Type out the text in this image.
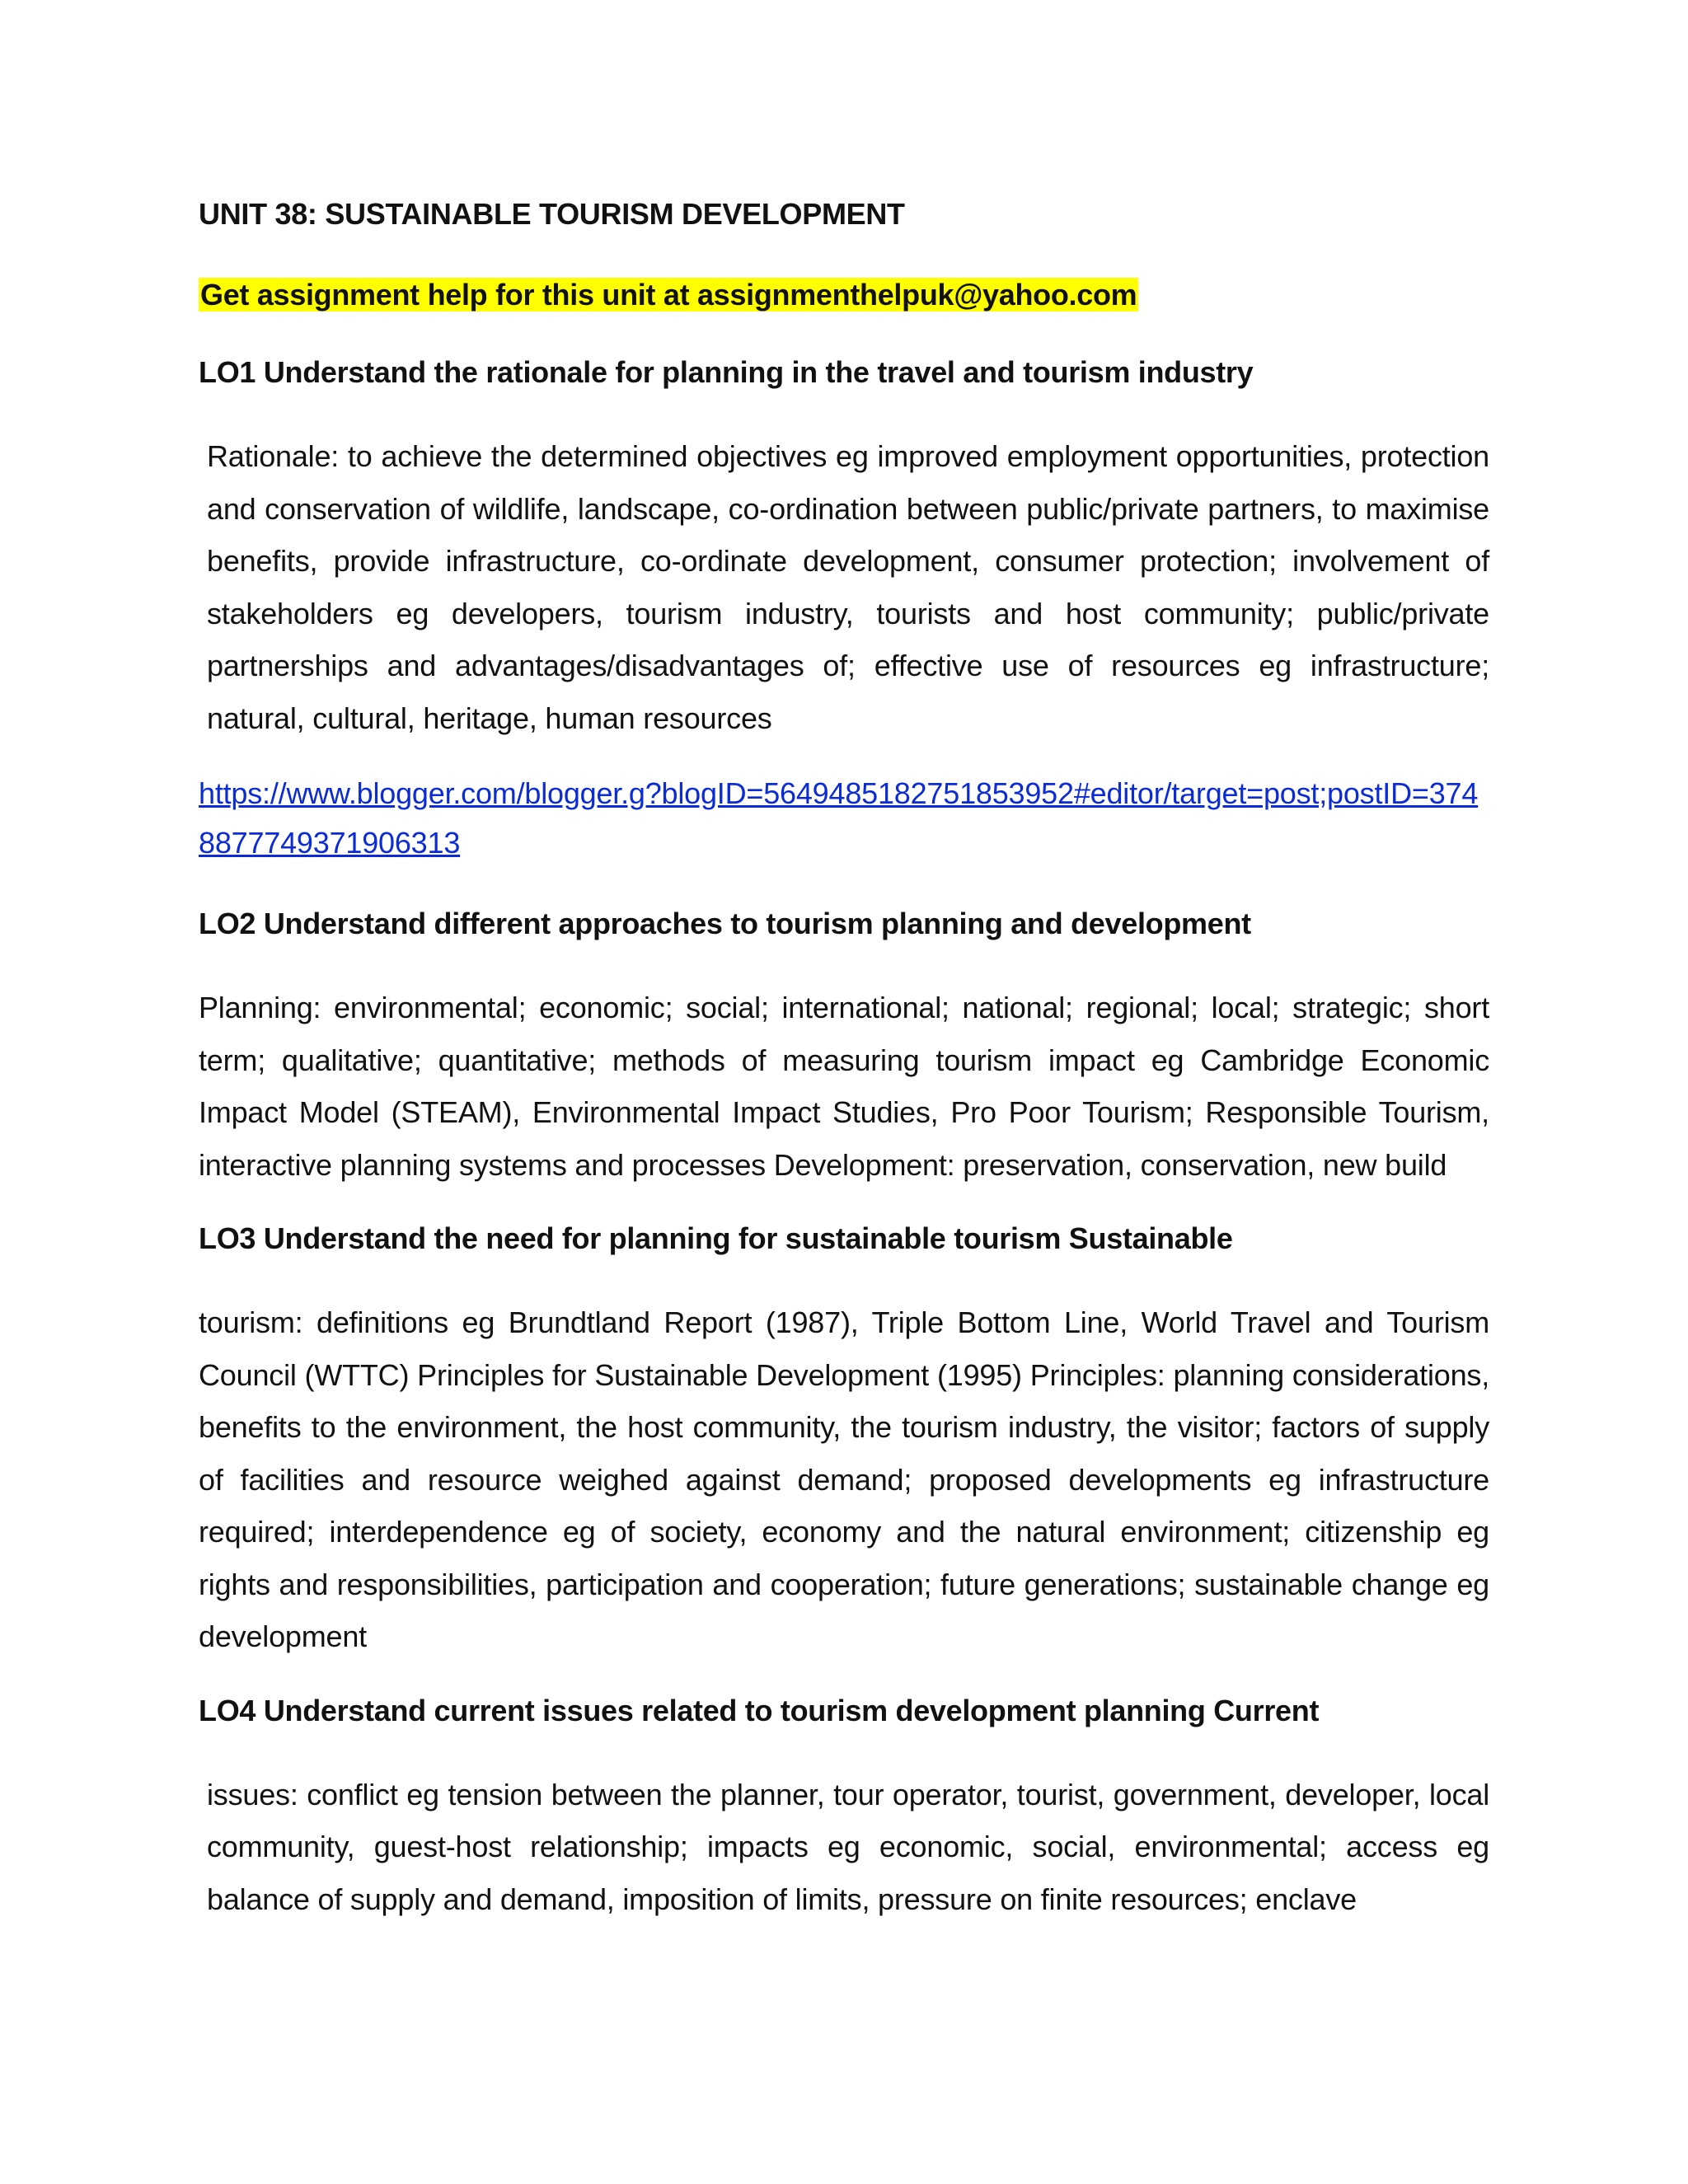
UNIT 38: SUSTAINABLE TOURISM DEVELOPMENT

Get assignment help for this unit at assignmenthelpuk@yahoo.com

LO1 Understand the rationale for planning in the travel and tourism industry

Rationale: to achieve the determined objectives eg improved employment opportunities, protection and conservation of wildlife, landscape, co-ordination between public/private partners, to maximise benefits, provide infrastructure, co-ordinate development, consumer protection; involvement of stakeholders eg developers, tourism industry, tourists and host community; public/private partnerships and advantages/disadvantages of; effective use of resources eg infrastructure; natural, cultural, heritage, human resources

https://www.blogger.com/blogger.g?blogID=5649485182751853952#editor/target=post;postID=3748877749371906313

LO2 Understand different approaches to tourism planning and development

Planning: environmental; economic; social; international; national; regional; local; strategic; short term; qualitative; quantitative; methods of measuring tourism impact eg Cambridge Economic Impact Model (STEAM), Environmental Impact Studies, Pro Poor Tourism; Responsible Tourism, interactive planning systems and processes Development: preservation, conservation, new build

LO3 Understand the need for planning for sustainable tourism Sustainable

tourism: definitions eg Brundtland Report (1987), Triple Bottom Line, World Travel and Tourism Council (WTTC) Principles for Sustainable Development (1995) Principles: planning considerations, benefits to the environment, the host community, the tourism industry, the visitor; factors of supply of facilities and resource weighed against demand; proposed developments eg infrastructure required; interdependence eg of society, economy and the natural environment; citizenship eg rights and responsibilities, participation and cooperation; future generations; sustainable change eg development

LO4 Understand current issues related to tourism development planning Current

issues: conflict eg tension between the planner, tour operator, tourist, government, developer, local community, guest-host relationship; impacts eg economic, social, environmental; access eg balance of supply and demand, imposition of limits, pressure on finite resources; enclave
